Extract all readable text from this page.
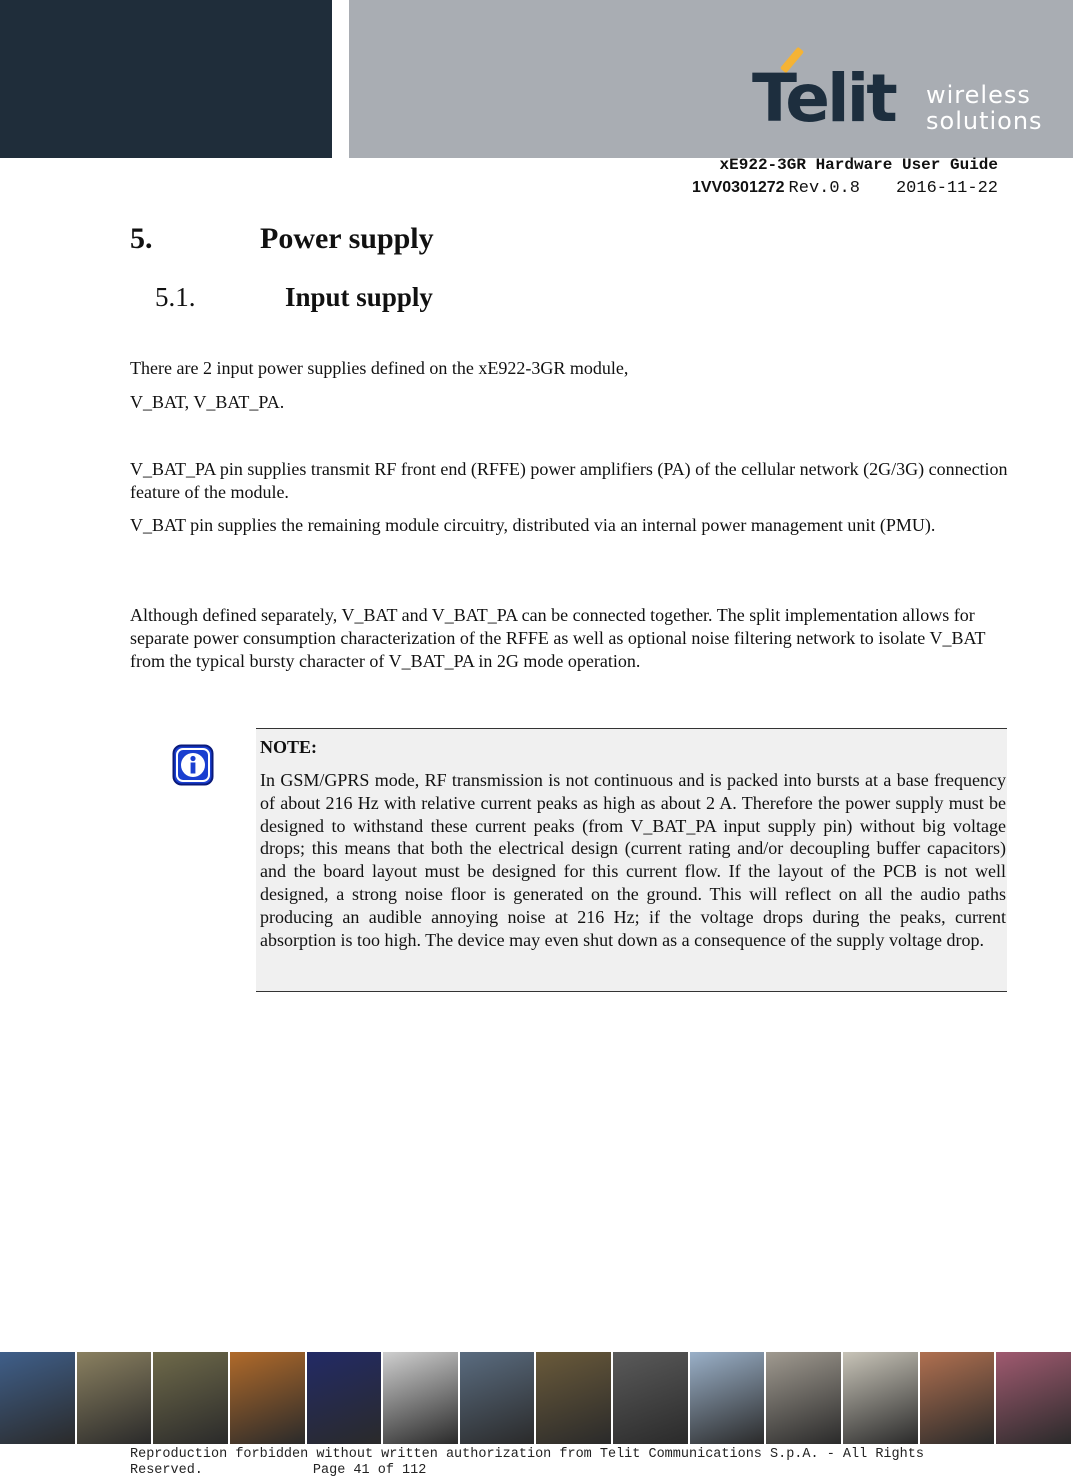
Telit wireless
solutions
xE922-3GR Hardware User Guide
1VV0301272 Rev.0.8 2016-11-22
5.	Power supply
5.1.	Input supply
There are 2 input power supplies defined on the xE922-3GR module,
V_BAT, V_BAT_PA.
V_BAT_PA pin supplies transmit RF front end (RFFE) power amplifiers (PA) of the cellular network (2G/3G) connection feature of the module.
V_BAT pin supplies the remaining module circuitry, distributed via an internal power management unit (PMU).
Although defined separately, V_BAT and V_BAT_PA can be connected together. The split implementation allows for separate power consumption characterization of the RFFE as well as optional noise filtering network to isolate V_BAT from the typical bursty character of V_BAT_PA in 2G mode operation.
NOTE:
In GSM/GPRS mode, RF transmission is not continuous and is packed into bursts at a base frequency of about 216 Hz with relative current peaks as high as about 2 A. Therefore the power supply must be designed to withstand these current peaks (from V_BAT_PA input supply pin) without big voltage drops; this means that both the electrical design (current rating and/or decoupling buffer capacitors) and the board layout must be designed for this current flow. If the layout of the PCB is not well designed, a strong noise floor is generated on the ground. This will reflect on all the audio paths producing an audible annoying noise at 216 Hz; if the voltage drops during the peaks, current absorption is too high. The device may even shut down as a consequence of the supply voltage drop.
Reproduction forbidden without written authorization from Telit Communications S.p.A. - All Rights Reserved.	Page 41 of 112
